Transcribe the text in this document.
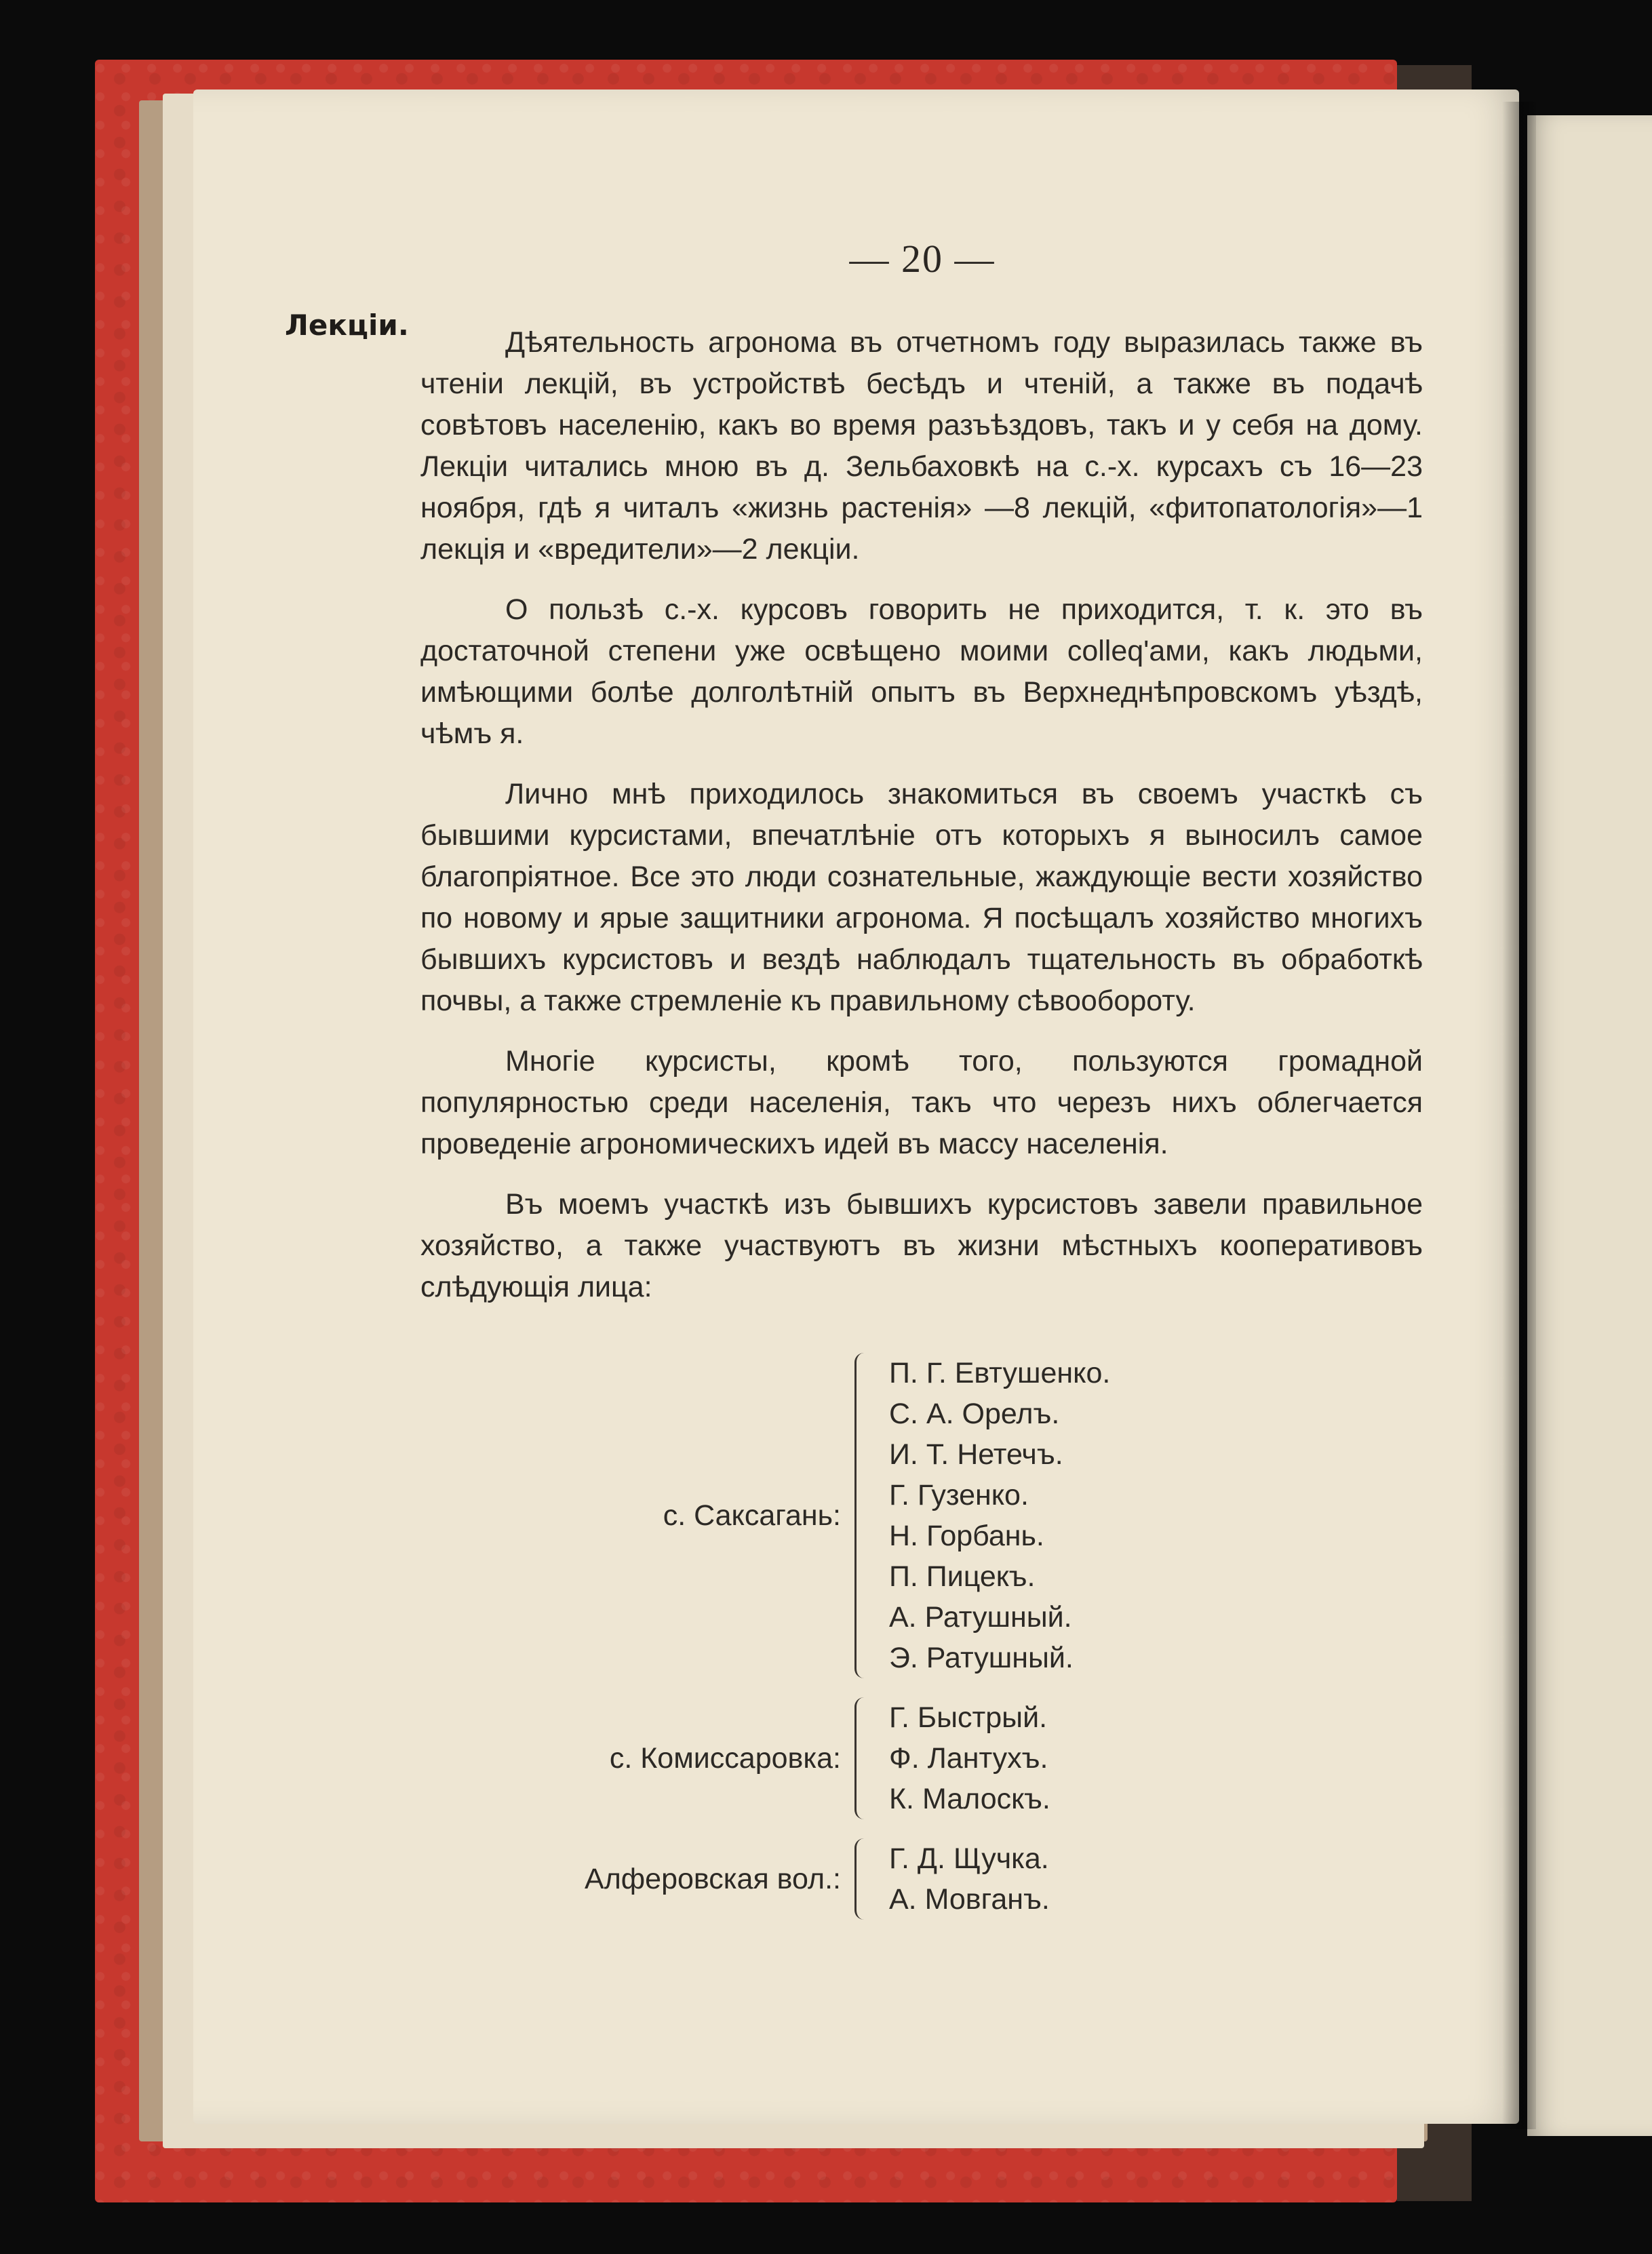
— 20 —
Лекціи.

Дѣятельность агронома въ отчетномъ году выразилась также въ чтеніи лекцій, въ устройствѣ бесѣдъ и чтеній, а также въ подачѣ совѣтовъ населенію, какъ во время разъѣздовъ, такъ и у себя на дому. Лекціи читались мною въ д. Зельбаховкѣ на с.-х. курсахъ съ 16—23 ноября, гдѣ я читалъ «жизнь растенія» —8 лекцій, «фитопатологія»—1 лекція и «вредители»—2 лекціи.

О пользѣ с.-х. курсовъ говорить не приходится, т. к. это въ достаточной степени уже освѣщено моими colleq'ами, какъ людьми, имѣющими болѣе долголѣтній опытъ въ Верхнеднѣпровскомъ уѣздѣ, чѣмъ я.

Лично мнѣ приходилось знакомиться въ своемъ участкѣ съ бывшими курсистами, впечатлѣніе отъ которыхъ я выносилъ самое благопріятное. Все это люди сознательные, жаждующіе вести хозяйство по новому и ярые защитники агронома. Я посѣщалъ хозяйство многихъ бывшихъ курсистовъ и вездѣ наблюдалъ тщательность въ обработкѣ почвы, а также стремленіе къ правильному сѣвообороту.

Многіе курсисты, кромѣ того, пользуются громадной популярностью среди населенія, такъ что черезъ нихъ облегчается проведеніе агрономическихъ идей въ массу населенія.

Въ моемъ участкѣ изъ бывшихъ курсистовъ завели правильное хозяйство, а также участвуютъ въ жизни мѣстныхъ кооперативовъ слѣдующія лица:

с. Саксагань:
П. Г. Евтушенко.
С. А. Орелъ.
И. Т. Нетечъ.
Г. Гузенко.
Н. Горбань.
П. Пицекъ.
А. Ратушный.
Э. Ратушный.
с. Комиссаровка:
Г. Быстрый.
Ф. Лантухъ.
К. Малоскъ.
Алферовская вол.:
Г. Д. Щучка.
А. Мовганъ.
